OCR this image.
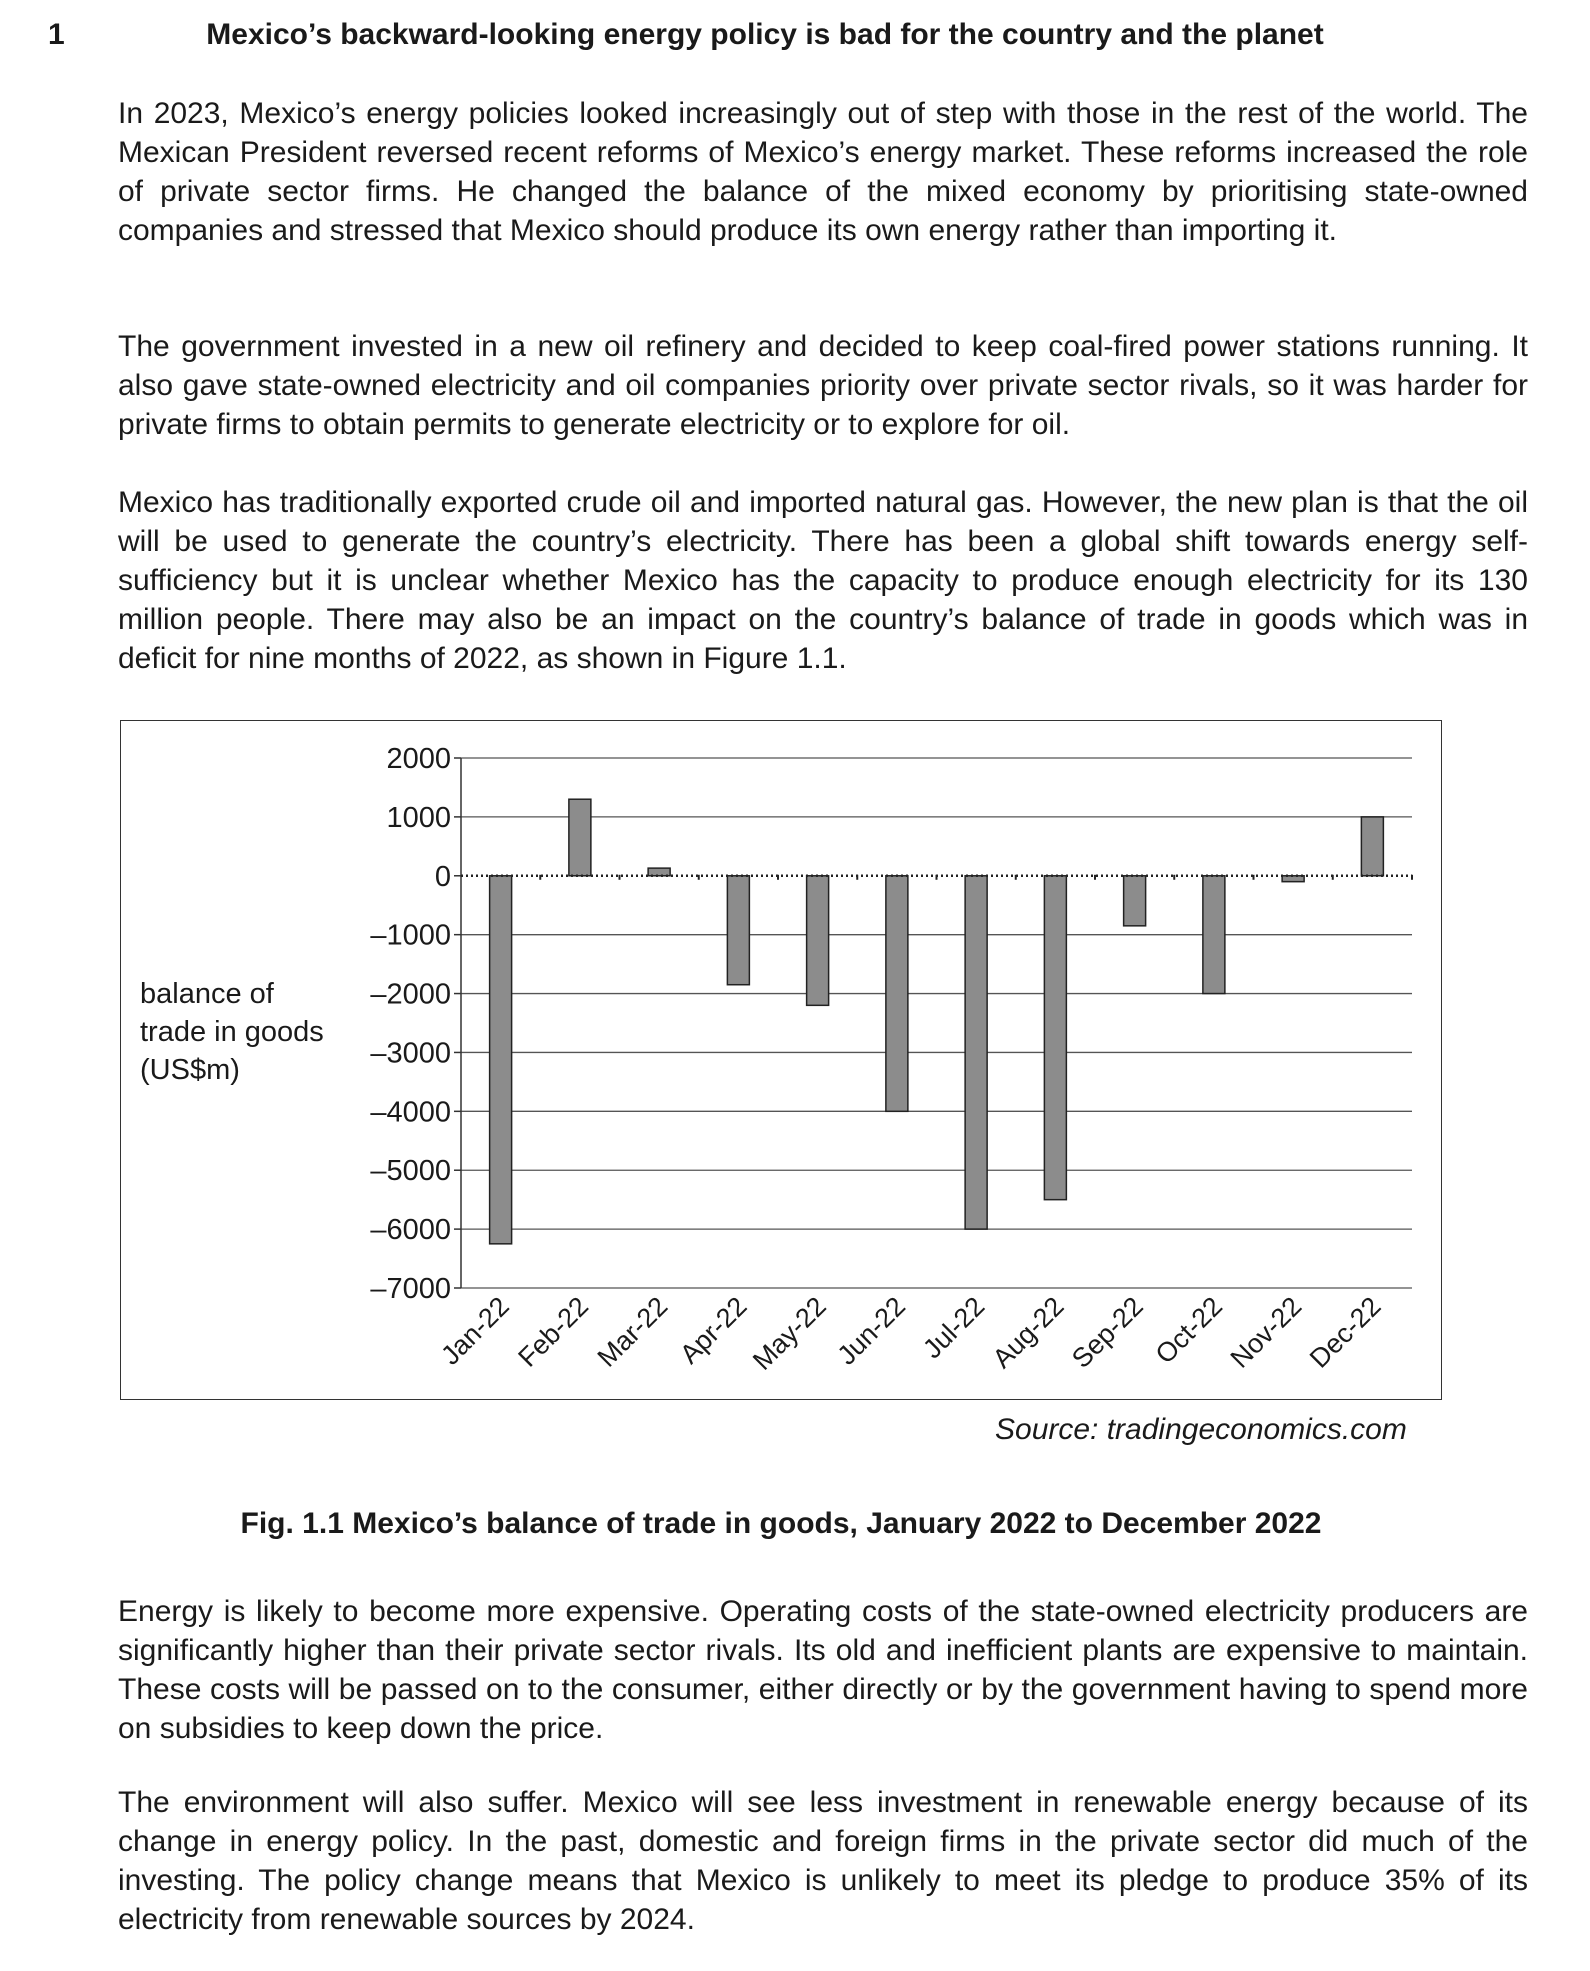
1	Mexico’s backward-looking energy policy is bad for the country and the planet

In 2023, Mexico’s energy policies looked increasingly out of step with those in the rest of the world. The Mexican President reversed recent reforms of Mexico’s energy market. These reforms increased the role of private sector firms. He changed the balance of the mixed economy by prioritising state-owned companies and stressed that Mexico should produce its own energy rather than importing it.

The government invested in a new oil refinery and decided to keep coal-fired power stations running. It also gave state-owned electricity and oil companies priority over private sector rivals, so it was harder for private firms to obtain permits to generate electricity or to explore for oil.

Mexico has traditionally exported crude oil and imported natural gas. However, the new plan is that the oil will be used to generate the country’s electricity. There has been a global shift towards energy self-sufficiency but it is unclear whether Mexico has the capacity to produce enough electricity for its 130 million people. There may also be an impact on the country’s balance of trade in goods which was in deficit for nine months of 2022, as shown in Figure 1.1.

balance of
trade in goods
(US$m)
2000
1000
0
–1000
–2000
–3000
–4000
–5000
–6000
–7000
Jan-22
Feb-22
Mar-22 Apr-22
May-22 Jun-22 Jul-22
Aug-22
Sep-22 Oct-22
Nov-22
Dec-22
Source: tradingeconomics.com
Fig. 1.1 Mexico’s balance of trade in goods, January 2022 to December 2022

Energy is likely to become more expensive. Operating costs of the state-owned electricity producers are significantly higher than their private sector rivals. Its old and inefficient plants are expensive to maintain. These costs will be passed on to the consumer, either directly or by the government having to spend more on subsidies to keep down the price.

The environment will also suffer. Mexico will see less investment in renewable energy because of its change in energy policy. In the past, domestic and foreign firms in the private sector did much of the investing. The policy change means that Mexico is unlikely to meet its pledge to produce 35% of its electricity from renewable sources by 2024.
